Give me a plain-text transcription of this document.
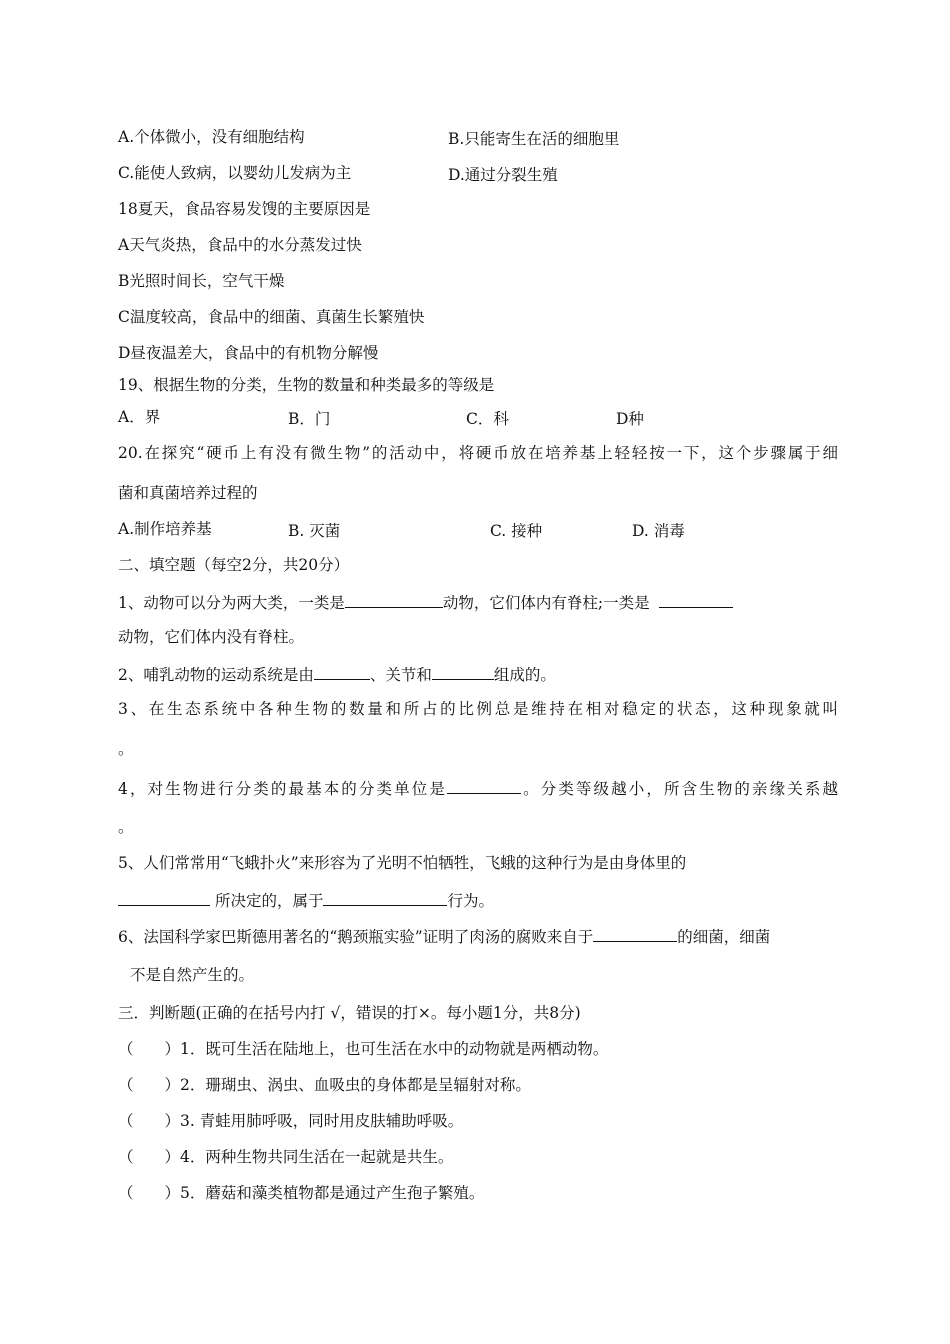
A.个体微小，没有细胞结构	B.只能寄生在活的细胞里
C.能使人致病，以婴幼儿发病为主	D.通过分裂生殖
18夏天，食品容易发馊的主要原因是
A天气炎热，食品中的水分蒸发过快
B光照时间长，空气干燥
C温度较高，食品中的细菌、真菌生长繁殖快
D昼夜温差大，食品中的有机物分解慢
19、根据生物的分类，生物的数量和种类最多的等级是
A．界	B．门	C．科	D种
20.在探究“硬币上有没有微生物”的活动中，将硬币放在培养基上轻轻按一下，这个步骤属于细
菌和真菌培养过程的
A.制作培养基	B. 灭菌	C. 接种	D. 消毒
二、填空题（每空2分，共20分）
1、动物可以分为两大类，一类是	动物，它们体内有脊柱;一类是
动物，它们体内没有脊柱。
2、哺乳动物的运动系统是由	、关节和	组成的。
3、在生态系统中各种生物的数量和所占的比例总是维持在相对稳定的状态，这种现象就叫
。
4，对生物进行分类的最基本的分类单位是	。分类等级越小，所含生物的亲缘关系越
。
5、人们常常用“飞蛾扑火”来形容为了光明不怕牺牲，飞蛾的这种行为是由身体里的
所决定的，属于	行为。
6、法国科学家巴斯德用著名的“鹅颈瓶实验”证明了肉汤的腐败来自于	的细菌，细菌
不是自然产生的。
三．判断题(正确的在括号内打 √，错误的打×。每小题1分，共8分)
（　　）1．既可生活在陆地上，也可生活在水中的动物就是两栖动物。
（　　）2．珊瑚虫、涡虫、血吸虫的身体都是呈辐射对称。
（　　）3. 青蛙用肺呼吸，同时用皮肤辅助呼吸。
（　　）4．两种生物共同生活在一起就是共生。
（　　）5．蘑菇和藻类植物都是通过产生孢子繁殖。
